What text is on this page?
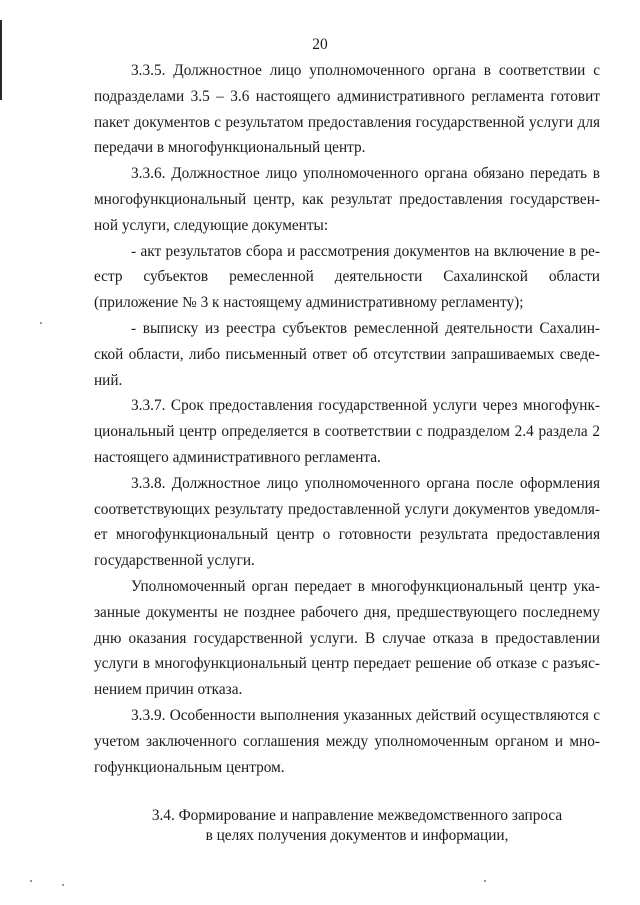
20

3.3.5. Должностное лицо уполномоченного органа в соответствии с подразделами 3.5 – 3.6 настоящего административного регламента готовит пакет документов с результатом предоставления государственной услуги для передачи в многофункциональный центр.

3.3.6. Должностное лицо уполномоченного органа обязано передать в многофункциональный центр, как результат предоставления государственной услуги, следующие документы:

- акт результатов сбора и рассмотрения документов на включение в реестр субъектов ремесленной деятельности Сахалинской области (приложение № 3 к настоящему административному регламенту);

- выписку из реестра субъектов ремесленной деятельности Сахалинской области, либо письменный ответ об отсутствии запрашиваемых сведений.

3.3.7. Срок предоставления государственной услуги через многофункциональный центр определяется в соответствии с подразделом 2.4 раздела 2 настоящего административного регламента.

3.3.8. Должностное лицо уполномоченного органа после оформления соответствующих результату предоставленной услуги документов уведомляет многофункциональный центр о готовности результата предоставления государственной услуги.

Уполномоченный орган передает в многофункциональный центр указанные документы не позднее рабочего дня, предшествующего последнему дню оказания государственной услуги. В случае отказа в предоставлении услуги в многофункциональный центр передает решение об отказе с разъяснением причин отказа.

3.3.9. Особенности выполнения указанных действий осуществляются с учетом заключенного соглашения между уполномоченным органом и многофункциональным центром.

3.4. Формирование и направление межведомственного запроса
в целях получения документов и информации,
